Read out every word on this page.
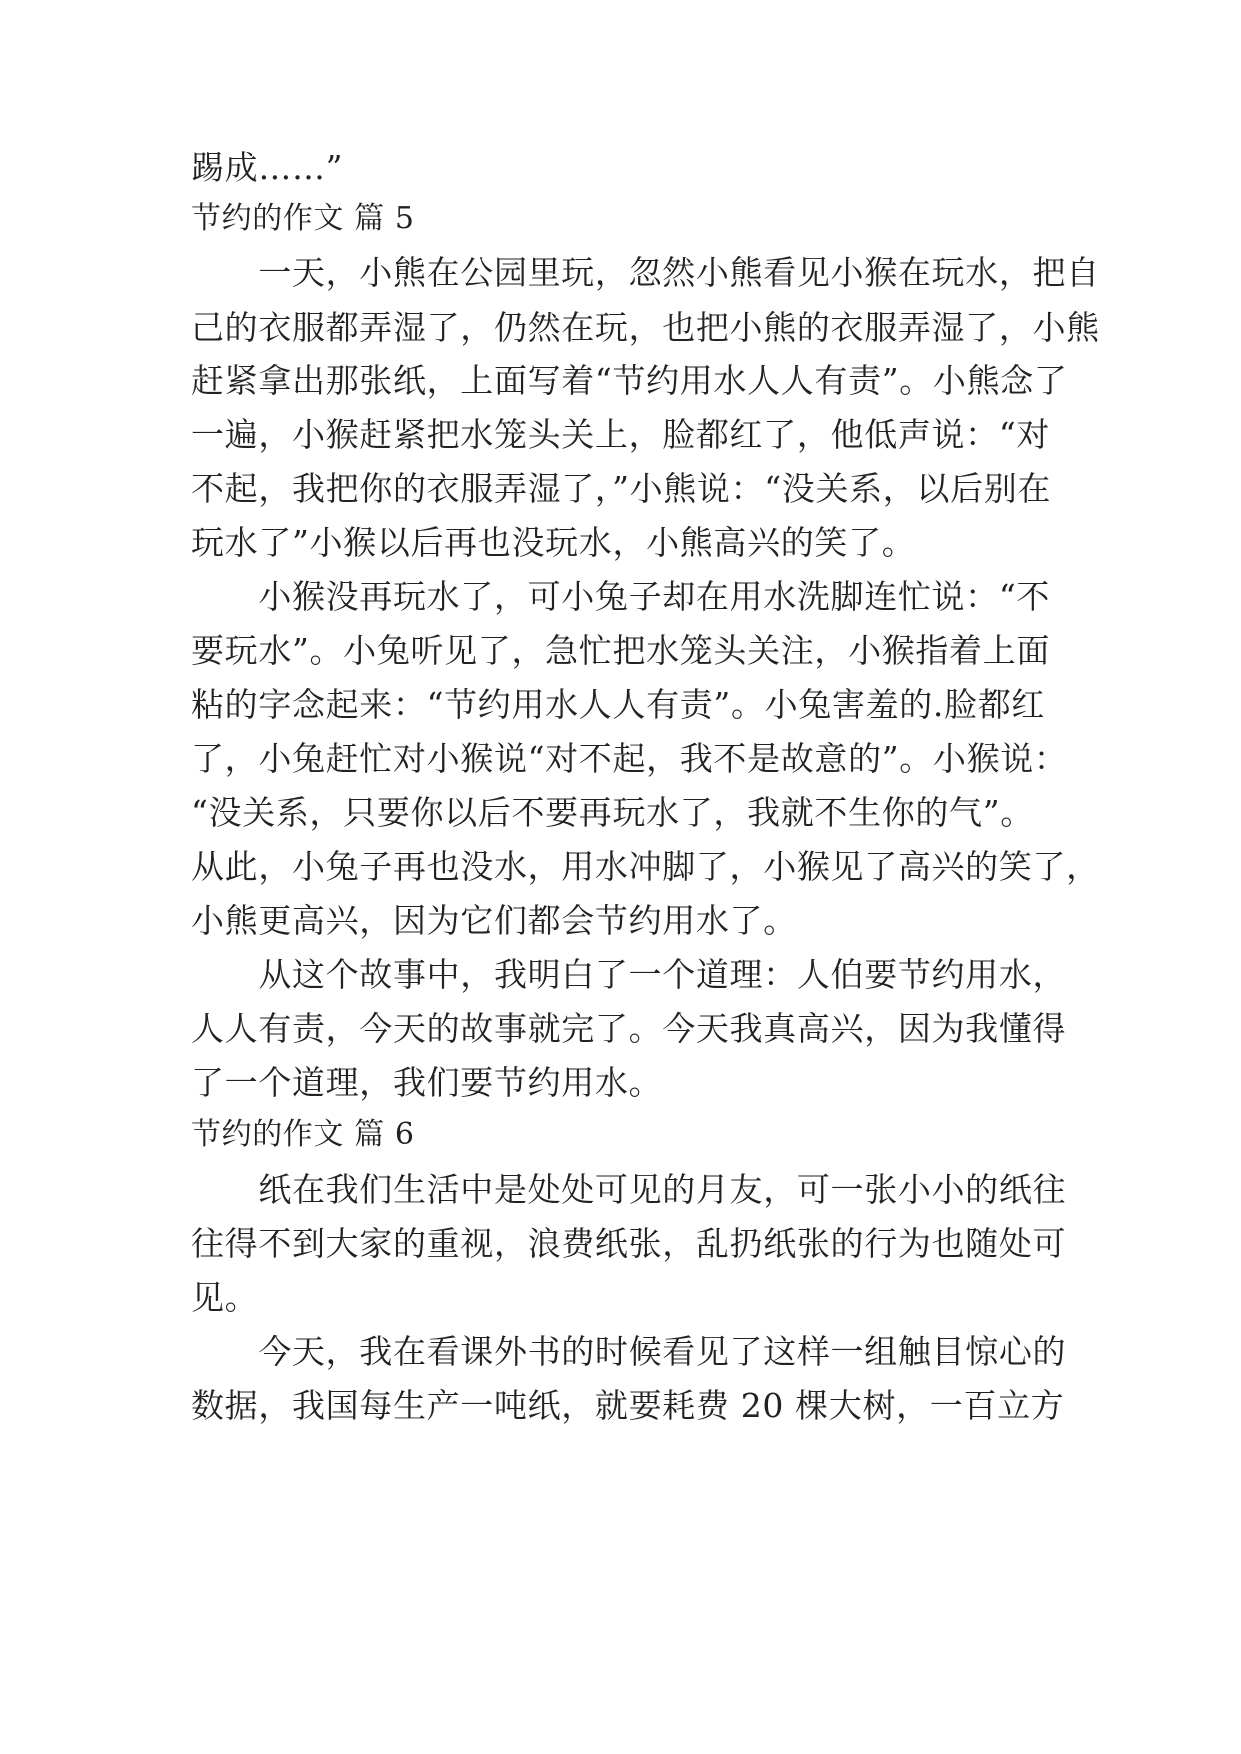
踢成……”
节约的作文 篇 5
　　一天，小熊在公园里玩，忽然小熊看见小猴在玩水，把自
己的衣服都弄湿了，仍然在玩，也把小熊的衣服弄湿了，小熊
赶紧拿出那张纸，上面写着“节约用水人人有责”。小熊念了
一遍，小猴赶紧把水笼头关上，脸都红了，他低声说：“对
不起，我把你的衣服弄湿了，”小熊说：“没关系，以后别在
玩水了”小猴以后再也没玩水，小熊高兴的笑了。
　　小猴没再玩水了，可小兔子却在用水洗脚连忙说：“不
要玩水”。小兔听见了，急忙把水笼头关注，小猴指着上面
粘的字念起来：“节约用水人人有责”。小兔害羞的.脸都红
了，小兔赶忙对小猴说“对不起，我不是故意的”。小猴说：
“没关系，只要你以后不要再玩水了，我就不生你的气”。
从此，小兔子再也没水，用水冲脚了，小猴见了高兴的笑了，
小熊更高兴，因为它们都会节约用水了。
　　从这个故事中，我明白了一个道理：人伯要节约用水，
人人有责，今天的故事就完了。今天我真高兴，因为我懂得
了一个道理，我们要节约用水。
节约的作文 篇 6
　　纸在我们生活中是处处可见的月友，可一张小小的纸往
往得不到大家的重视，浪费纸张，乱扔纸张的行为也随处可
见。
　　今天，我在看课外书的时候看见了这样一组触目惊心的
数据，我国每生产一吨纸，就要耗费 20 棵大树，一百立方
